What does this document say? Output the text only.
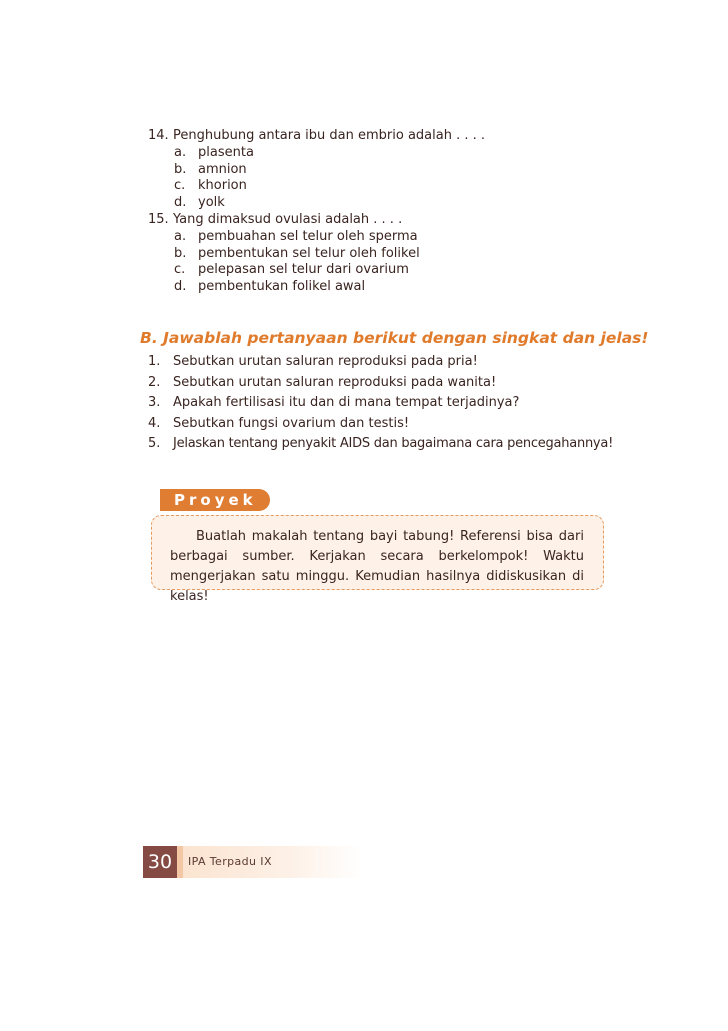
14. Penghubung antara ibu dan embrio adalah . . . .
a. plasenta
b. amnion
c. khorion
d. yolk
15. Yang dimaksud ovulasi adalah . . . .
a. pembuahan sel telur oleh sperma
b. pembentukan sel telur oleh folikel
c. pelepasan sel telur dari ovarium
d. pembentukan folikel awal
B. Jawablah pertanyaan berikut dengan singkat dan jelas!
1. Sebutkan urutan saluran reproduksi pada pria!
2. Sebutkan urutan saluran reproduksi pada wanita!
3. Apakah fertilisasi itu dan di mana tempat terjadinya?
4. Sebutkan fungsi ovarium dan testis!
5. Jelaskan tentang penyakit AIDS dan bagaimana cara pencegahannya!
Proyek
Buatlah makalah tentang bayi tabung! Referensi bisa dari berbagai sumber. Kerjakan secara berkelompok! Waktu mengerjakan satu minggu. Kemudian hasilnya didiskusikan di kelas!
30	IPA Terpadu IX
